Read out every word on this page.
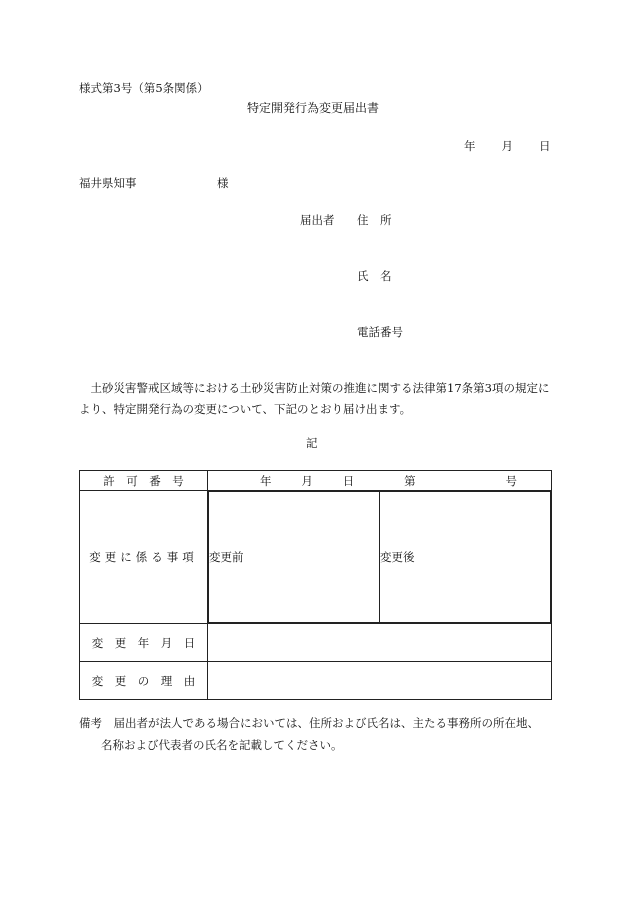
様式第3号（第5条関係）
特定開発行為変更届出書
年 月 日
福井県知事	様
届出者 住　所
氏　名
電話番号
　土砂災害警戒区域等における土砂災害防止対策の推進に関する法律第17条第3項の規定により、特定開発行為の変更について、下記のとおり届け出ます。
記
許　可　番　号	年	月	日	第	号

変更に係る事項	変更前	変更後

変　更　年　月　日	
変　更　の　理　由	
備考　届出者が法人である場合においては、住所および氏名は、主たる事務所の所在地、
名称および代表者の氏名を記載してください。
